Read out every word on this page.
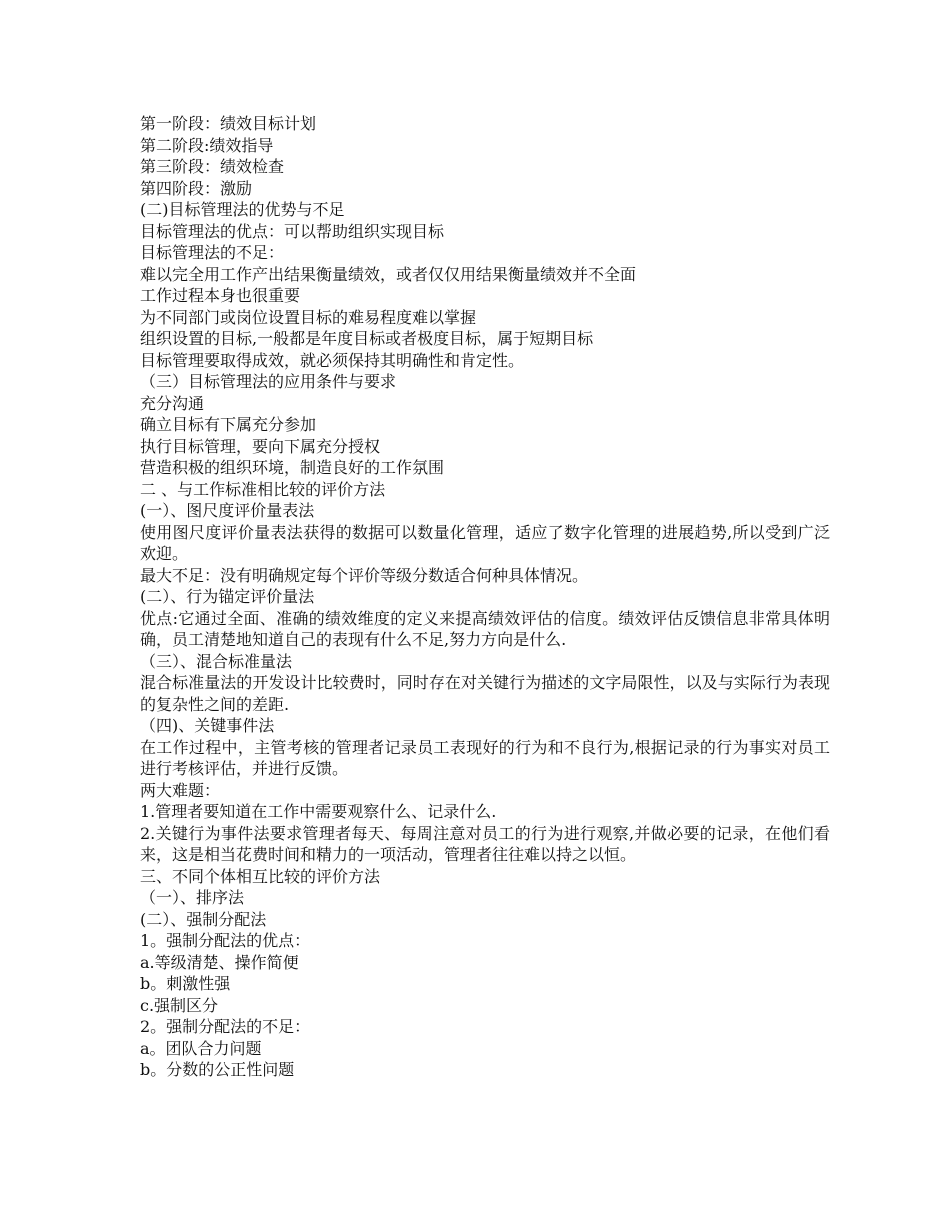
第一阶段：绩效目标计划

第二阶段:绩效指导

第三阶段：绩效检查

第四阶段：激励

(二)目标管理法的优势与不足

目标管理法的优点：可以帮助组织实现目标

目标管理法的不足：

难以完全用工作产出结果衡量绩效，或者仅仅用结果衡量绩效并不全面

工作过程本身也很重要

为不同部门或岗位设置目标的难易程度难以掌握

组织设置的目标,一般都是年度目标或者极度目标，属于短期目标

目标管理要取得成效，就必须保持其明确性和肯定性。

（三）目标管理法的应用条件与要求

充分沟通

确立目标有下属充分参加

执行目标管理，要向下属充分授权

营造积极的组织环境，制造良好的工作氛围

二 、与工作标准相比较的评价方法

(一）、图尺度评价量表法

使用图尺度评价量表法获得的数据可以数量化管理，适应了数字化管理的进展趋势,所以受到广泛欢迎。

最大不足：没有明确规定每个评价等级分数适合何种具体情况。

(二）、行为锚定评价量法

优点:它通过全面、准确的绩效维度的定义来提高绩效评估的信度。绩效评估反馈信息非常具体明确，员工清楚地知道自己的表现有什么不足,努力方向是什么.

（三）、混合标准量法

混合标准量法的开发设计比较费时，同时存在对关键行为描述的文字局限性，以及与实际行为表现的复杂性之间的差距.

（四)、关键事件法

在工作过程中，主管考核的管理者记录员工表现好的行为和不良行为,根据记录的行为事实对员工进行考核评估，并进行反馈。

两大难题：

1.管理者要知道在工作中需要观察什么、记录什么.

2.关键行为事件法要求管理者每天、每周注意对员工的行为进行观察,并做必要的记录，在他们看来，这是相当花费时间和精力的一项活动，管理者往往难以持之以恒。

三、不同个体相互比较的评价方法

（一）、排序法

(二）、强制分配法

1。强制分配法的优点：

a.等级清楚、操作简便

b。刺激性强

c.强制区分

2。强制分配法的不足：

a。团队合力问题

b。分数的公正性问题
